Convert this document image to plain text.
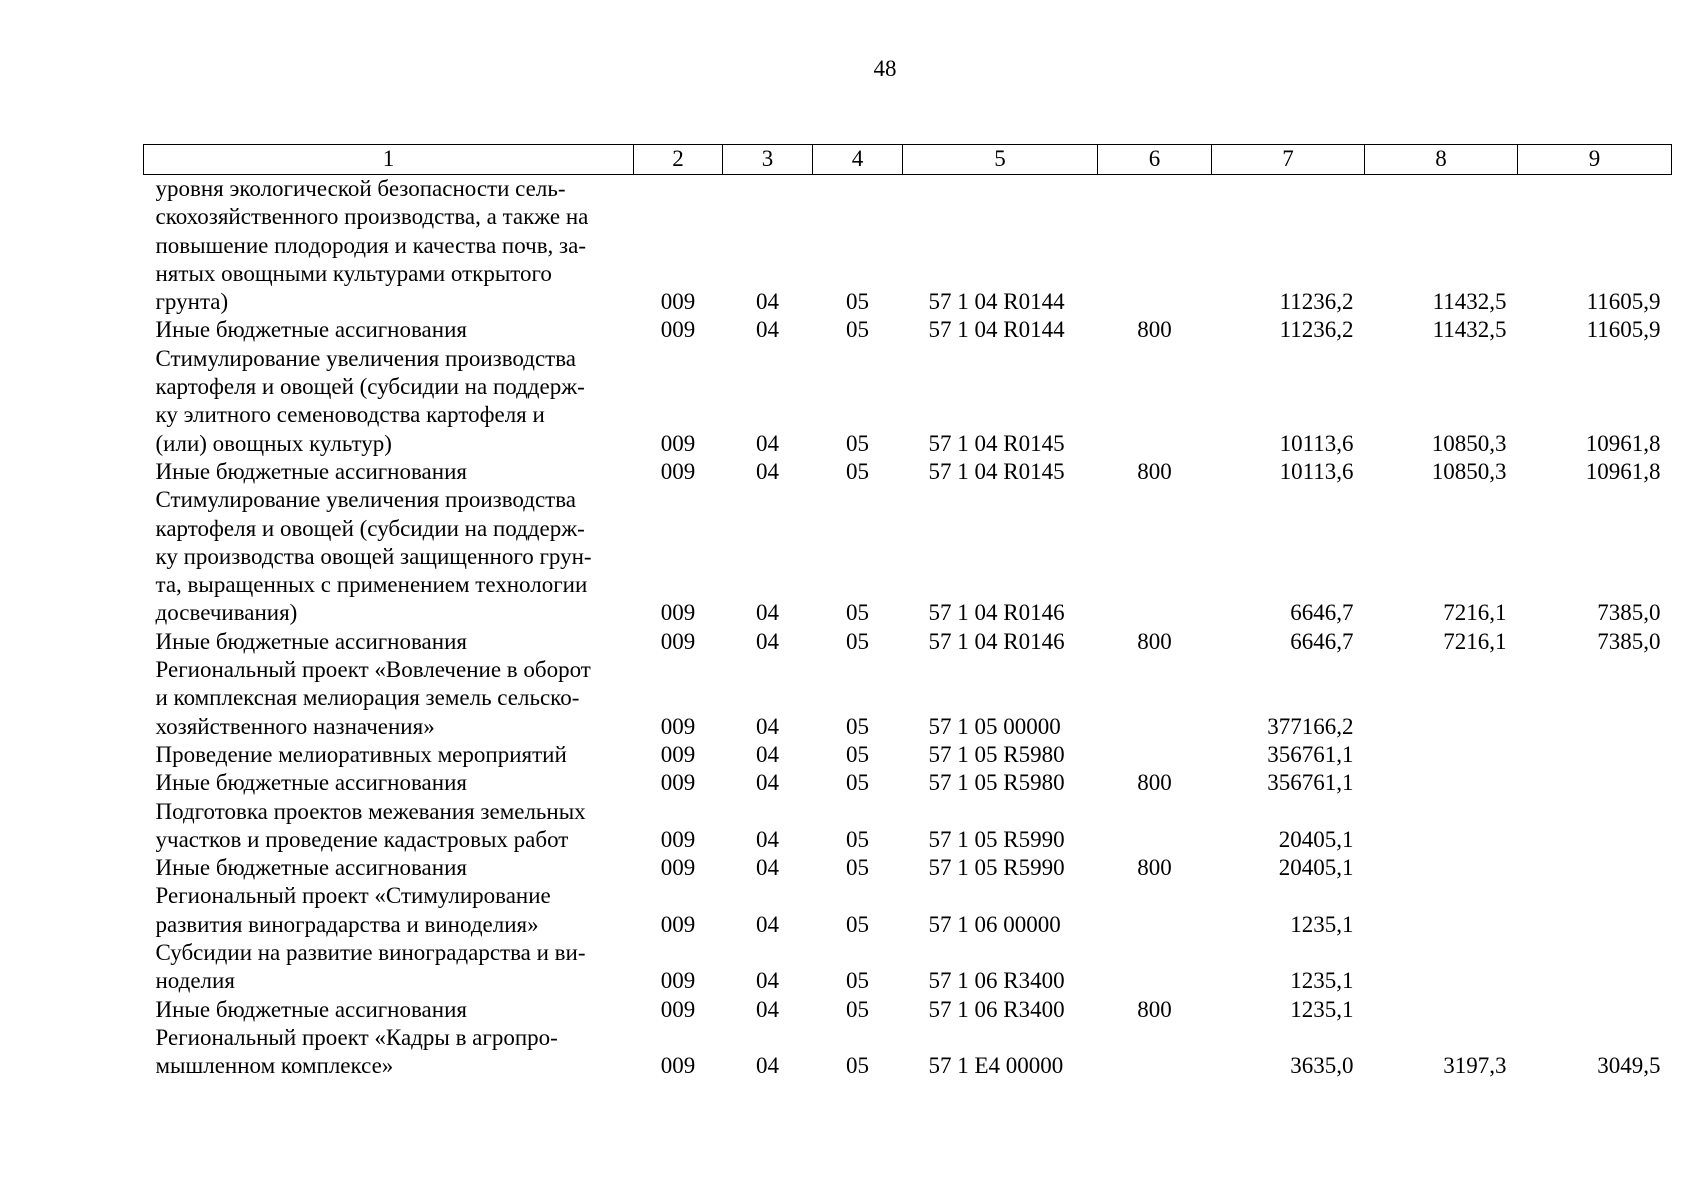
48
1	2	3	4	5	6	7	8	9

уровня экологической безопасности сель-
скохозяйственного производства, а также на
повышение плодородия и качества почв, за-
нятых овощными культурами открытого
грунта)	009	04	05	57 1 04 R0144		11236,2	11432,5	11605,9

Иные бюджетные ассигнования	009	04	05	57 1 04 R0144	800	11236,2	11432,5	11605,9

Стимулирование увеличения производства
картофеля и овощей (субсидии на поддерж-
ку элитного семеноводства картофеля и
(или) овощных культур)	009	04	05	57 1 04 R0145		10113,6	10850,3	10961,8

Иные бюджетные ассигнования	009	04	05	57 1 04 R0145	800	10113,6	10850,3	10961,8

Стимулирование увеличения производства
картофеля и овощей (субсидии на поддерж-
ку производства овощей защищенного грун-
та, выращенных с применением технологии
досвечивания)	009	04	05	57 1 04 R0146		6646,7	7216,1	7385,0

Иные бюджетные ассигнования	009	04	05	57 1 04 R0146	800	6646,7	7216,1	7385,0

Региональный проект «Вовлечение в оборот
и комплексная мелиорация земель сельско-
хозяйственного назначения»	009	04	05	57 1 05 00000		377166,2		

Проведение мелиоративных мероприятий	009	04	05	57 1 05 R5980		356761,1		

Иные бюджетные ассигнования	009	04	05	57 1 05 R5980	800	356761,1		

Подготовка проектов межевания земельных
участков и проведение кадастровых работ	009	04	05	57 1 05 R5990		20405,1		

Иные бюджетные ассигнования	009	04	05	57 1 05 R5990	800	20405,1		

Региональный проект «Стимулирование
развития виноградарства и виноделия»	009	04	05	57 1 06 00000		1235,1		

Субсидии на развитие виноградарства и ви-
ноделия	009	04	05	57 1 06 R3400		1235,1		

Иные бюджетные ассигнования	009	04	05	57 1 06 R3400	800	1235,1		

Региональный проект «Кадры в агропро-
мышленном комплексе»	009	04	05	57 1 E4 00000		3635,0	3197,3	3049,5
